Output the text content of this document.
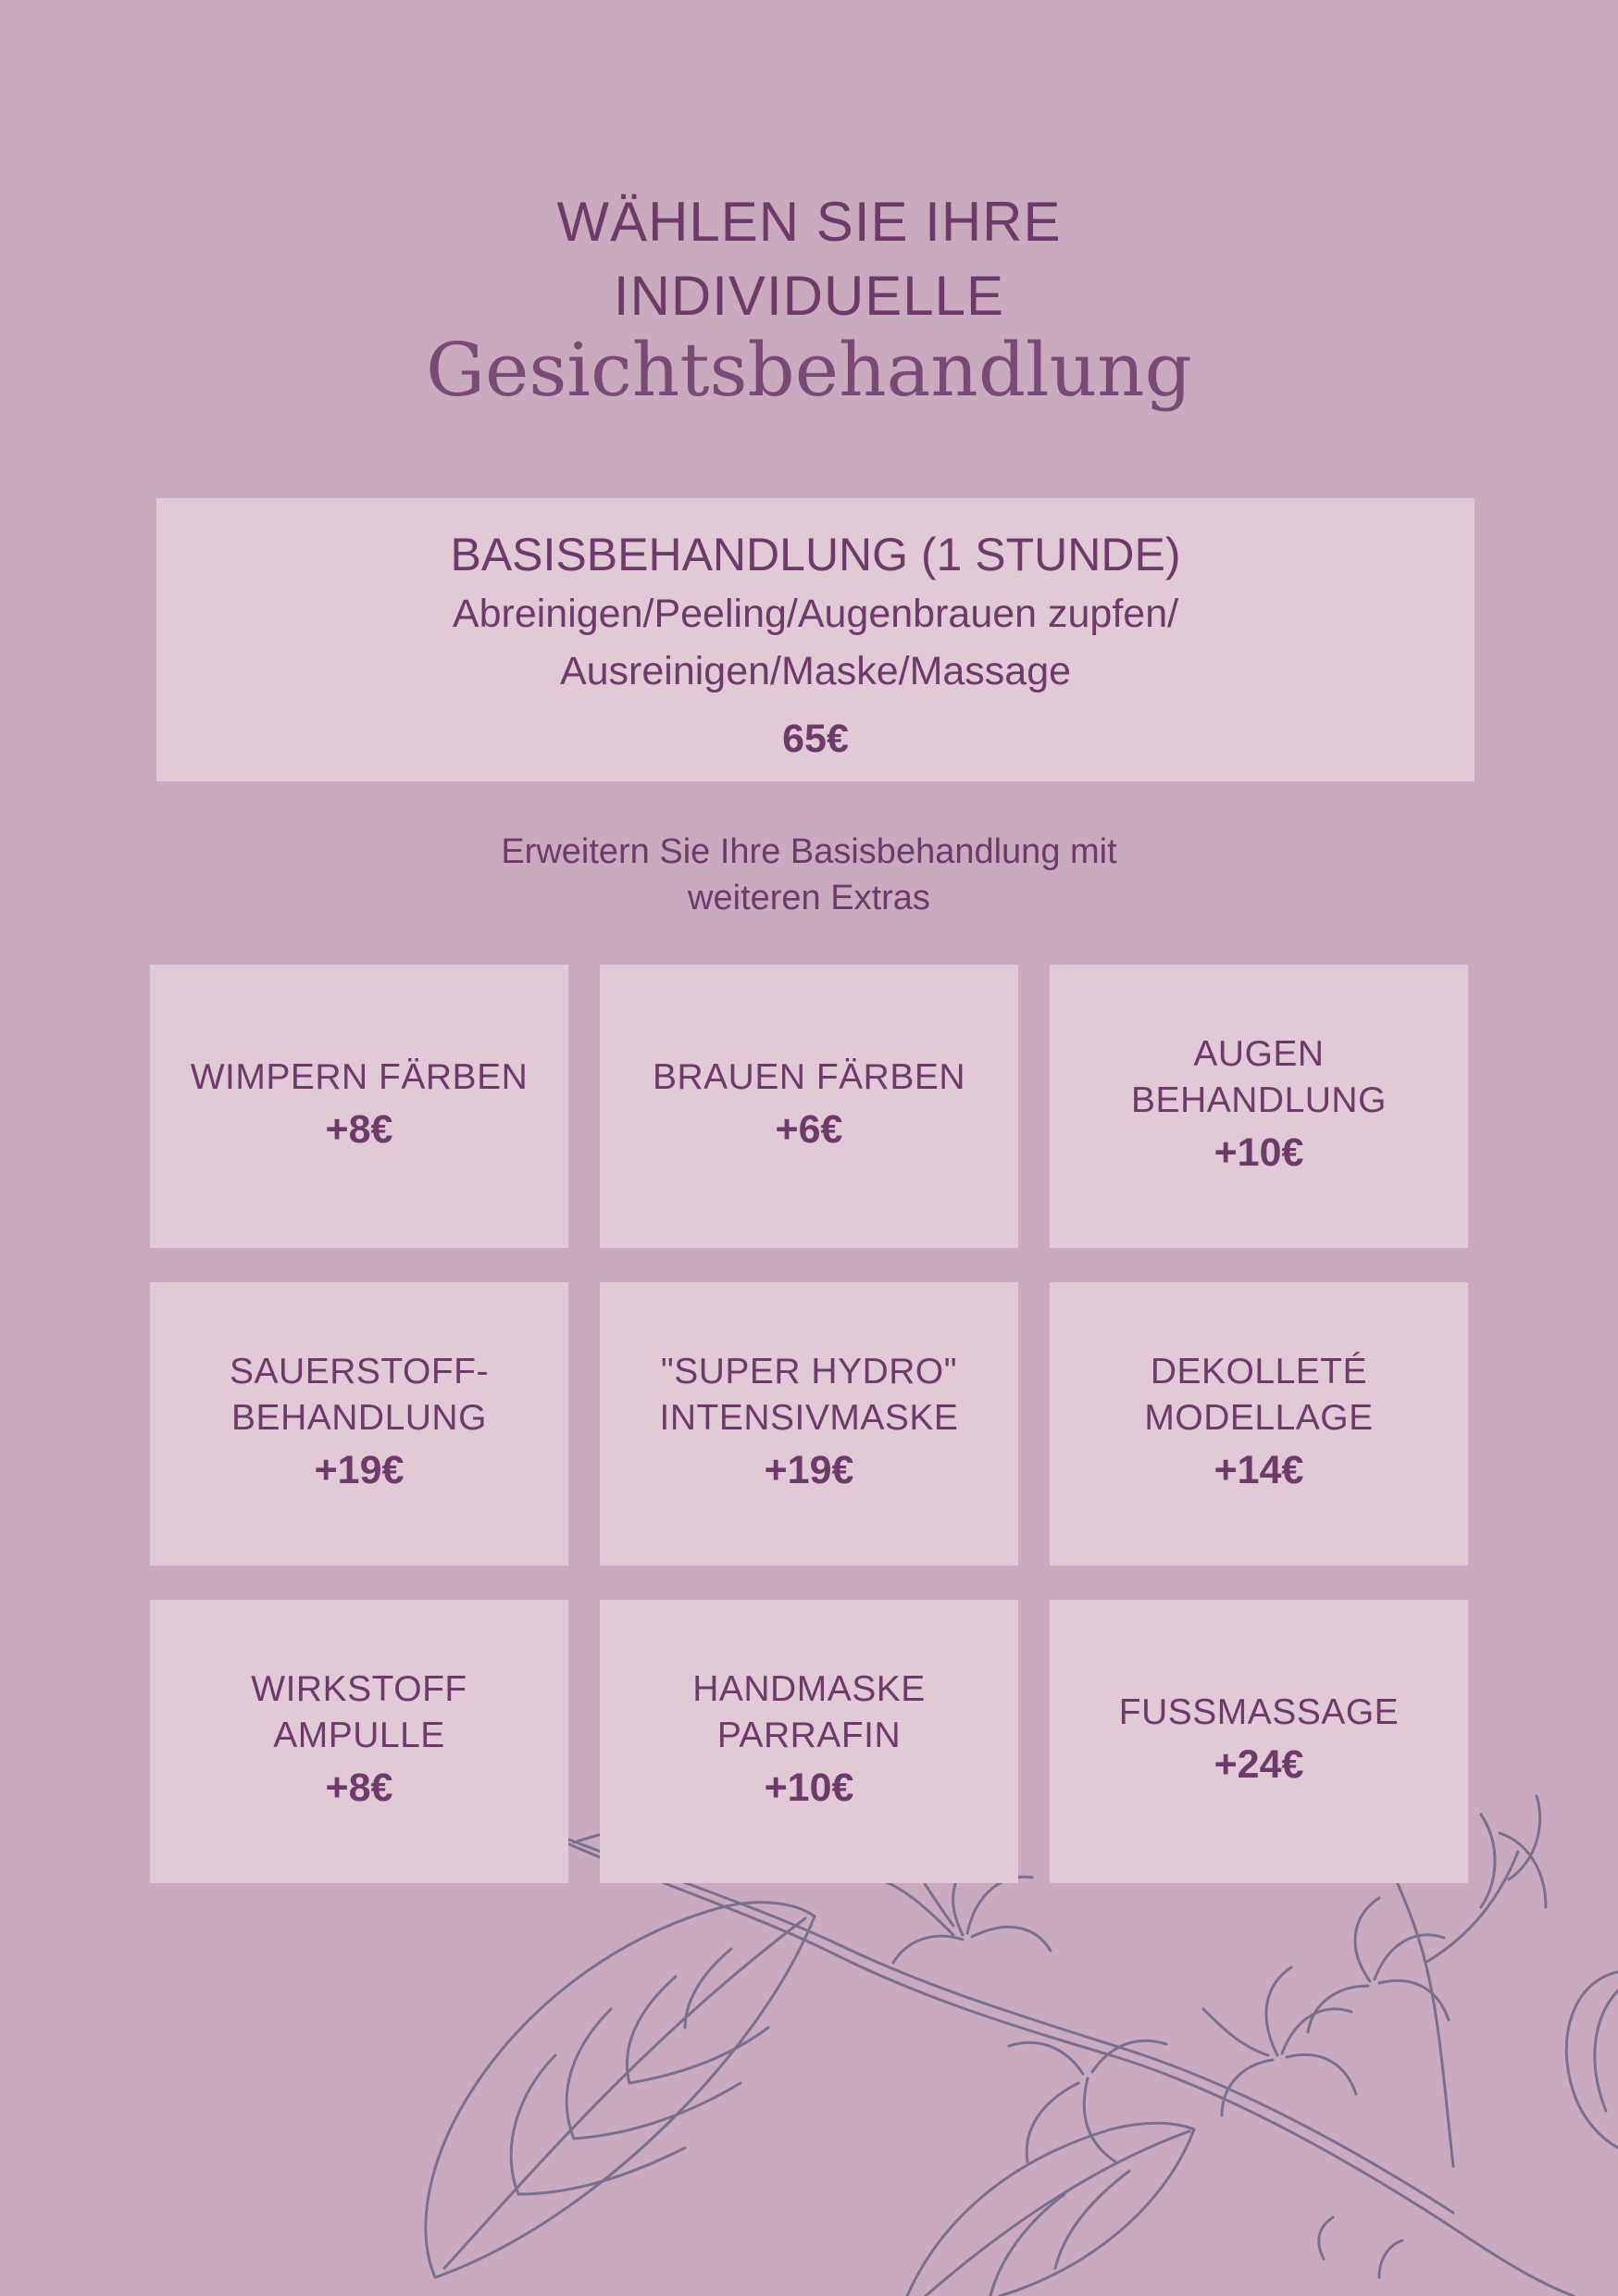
WÄHLEN SIE IHRE
INDIVIDUELLE
Gesichtsbehandlung
BASISBEHANDLUNG (1 STUNDE)
Abreinigen/Peeling/Augenbrauen zupfen/
Ausreinigen/Maske/Massage
65€
Erweitern Sie Ihre Basisbehandlung mit
weiteren Extras
WIMPERN FÄRBEN
+8€
BRAUEN FÄRBEN
+6€
AUGEN
BEHANDLUNG
+10€
SAUERSTOFF-
BEHANDLUNG
+19€
"SUPER HYDRO"
INTENSIVMASKE
+19€
DEKOLLETÉ
MODELLAGE
+14€
WIRKSTOFF
AMPULLE
+8€
HANDMASKE
PARRAFIN
+10€
FUSSMASSAGE
+24€
